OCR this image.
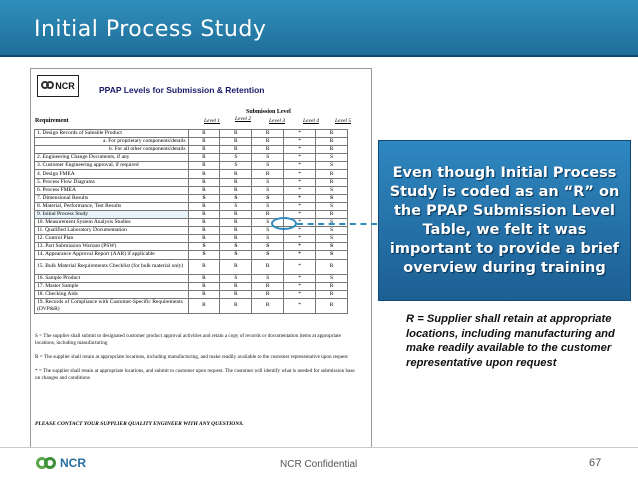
Initial Process Study
NCR	PPAP Levels for Submission & Retention
Submission Level
Requirement	Level 1	Level 2	Level 3	Level 4	Level 5
1. Design Records of Saleable Product	R	R	R	*	R
a. For proprietary components/details	R	R	R	*	R
b. For all other components/details	R	R	R	*	R
2. Engineering Change Documents, if any	R	S	S	*	S
3. Customer Engineering approval, if required	R	S	S	*	S
4. Design FMEA	R	R	R	*	R
5. Process Flow Diagrams	R	R	S	*	R
6. Process FMEA	R	R	S	*	S
7. Dimensional Results	S	S	S	*	S
8. Material, Performance, Test Results	R	S	S	*	S
9. Initial Process Study	R	R	R	*	R
10. Measurement System Analysis Studies	R	R	S	*	S
11. Qualified Laboratory Documentation	R	R	S	*	S
12. Control Plan	R	R	S	*	S
13. Part Submission Warrant (PSW)	S	S	S	*	S
14. Appearance Approval Report (AAR) if applicable	S	S	S	*	S
15. Bulk Material Requirements Checklist (for bulk material only)	R	R	R	*	R
16. Sample Product	R	S	S	*	S
17. Master Sample	R	R	R	*	R
18. Checking Aids	R	R	R	*	R
19. Records of Compliance with Customer-Specific Requirements (DVP&R)	R	R	R	*	R

S = The supplier shall submit to designated customer product approval activities and retain a copy of records or documentation items at appropriate locations, including manufacturing

R = The supplier shall retain at appropriate locations, including manufacturing, and make readily available to the customer representative upon request

* = The supplier shall retain at appropriate locations, and submit to customer upon request. The customer will identify what is needed for submission base on changes and conditions

PLEASE CONTACT YOUR SUPPLIER QUALITY ENGINEER WITH ANY QUESTIONS.
Even though Initial Process Study is coded as an “R” on the PPAP Submission Level Table, we felt it was important to provide a brief overview during training
R = Supplier shall retain at appropriate locations, including manufacturing and make readily available to the customer representative upon request
NCR	NCR Confidential	67
